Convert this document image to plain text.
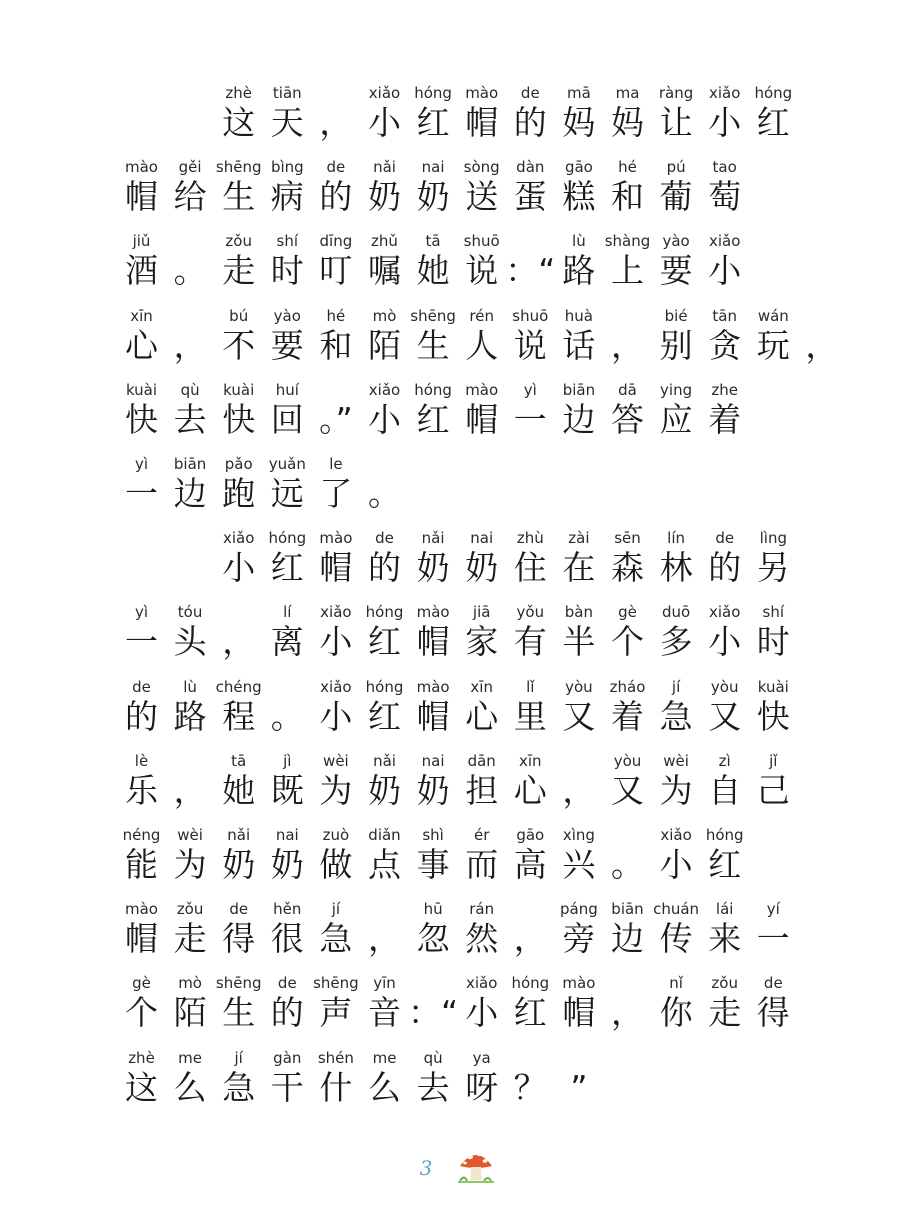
zhè
这
tiān
天 ，
xiǎo
小
hóng
红
mào
帽
de
的
mā
妈
ma
妈
ràng
让
xiǎo
小
hóng
红
mào
帽
gěi
给
shēng
生
bìng
病
de
的
nǎi
奶
nai
奶
sòng
送
dàn
蛋
gāo
糕
hé
和
pú
葡
tao
萄
jiǔ
酒 。
zǒu
走
shí
时
dīng
叮
zhǔ
嘱
tā
她
shuō
说 ：“
lù
路
shàng
上
yào
要
xiǎo
小
xīn
心 ，
bú
不
yào
要
hé
和
mò
陌
shēng
生
rén
人
shuō
说
huà
话 ，
bié
别
tān
贪
wán
玩 ，
kuài
快
qù
去
kuài
快
huí
回 。”
xiǎo
小
hóng
红
mào
帽
yì
一
biān
边
dā
答
ying
应
zhe
着
yì
一
biān
边
pǎo
跑
yuǎn
远
le
了 。
xiǎo
小
hóng
红
mào
帽
de
的
nǎi
奶
nai
奶
zhù
住
zài
在
sēn
森
lín
林
de
的
lìng
另
yì
一
tóu
头 ，
lí
离
xiǎo
小
hóng
红
mào
帽
jiā
家
yǒu
有
bàn
半
gè
个
duō
多
xiǎo
小
shí
时
de
的
lù
路
chéng
程 。
xiǎo
小
hóng
红
mào
帽
xīn
心
lǐ
里
yòu
又
zháo
着
jí
急
yòu
又
kuài
快
lè
乐 ，
tā
她
jì
既
wèi
为
nǎi
奶
nai
奶
dān
担
xīn
心 ，
yòu
又
wèi
为
zì
自
jǐ
己
néng
能
wèi
为
nǎi
奶
nai
奶
zuò
做
diǎn
点
shì
事
ér
而
gāo
高
xìng
兴 。
xiǎo
小
hóng
红
mào
帽
zǒu
走
de
得
hěn
很
jí
急 ，
hū
忽
rán
然 ，
páng
旁
biān
边
chuán
传
lái
来
yí
一
gè
个
mò
陌
shēng
生
de
的
shēng
声
yīn
音 ：“
xiǎo
小
hóng
红
mào
帽 ，
nǐ
你
zǒu
走
de
得
zhè
这
me
么
jí
急
gàn
干
shén
什
me
么
qù
去
ya
呀 ？ ”
3
